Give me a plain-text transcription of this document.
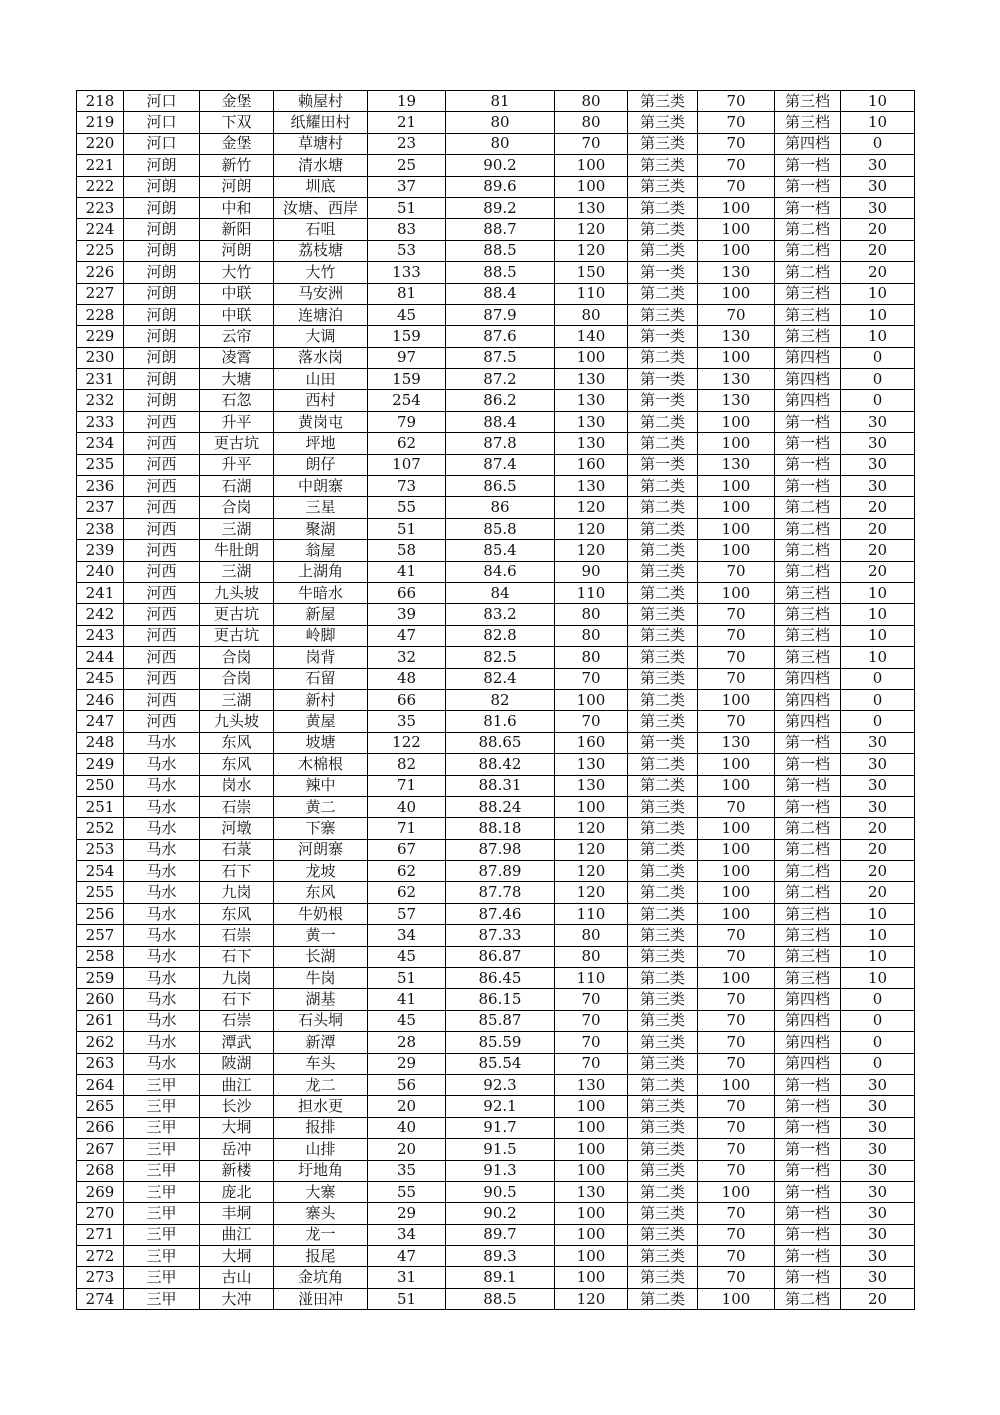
218	河口	金堡	赖屋村	19	81	80	第三类	70	第三档	10
219	河口	下双	纸耀田村	21	80	80	第三类	70	第三档	10
220	河口	金堡	草塘村	23	80	70	第三类	70	第四档	0
221	河朗	新竹	清水塘	25	90.2	100	第三类	70	第一档	30
222	河朗	河朗	圳底	37	89.6	100	第三类	70	第一档	30
223	河朗	中和	汝塘、西岸	51	89.2	130	第二类	100	第一档	30
224	河朗	新阳	石咀	83	88.7	120	第二类	100	第二档	20
225	河朗	河朗	荔枝塘	53	88.5	120	第二类	100	第二档	20
226	河朗	大竹	大竹	133	88.5	150	第一类	130	第二档	20
227	河朗	中联	马安洲	81	88.4	110	第二类	100	第三档	10
228	河朗	中联	连塘泊	45	87.9	80	第三类	70	第三档	10
229	河朗	云帘	大调	159	87.6	140	第一类	130	第三档	10
230	河朗	凌霄	落水岗	97	87.5	100	第二类	100	第四档	0
231	河朗	大塘	山田	159	87.2	130	第一类	130	第四档	0
232	河朗	石忽	西村	254	86.2	130	第一类	130	第四档	0
233	河西	升平	黄岗屯	79	88.4	130	第二类	100	第一档	30
234	河西	更古坑	坪地	62	87.8	130	第二类	100	第一档	30
235	河西	升平	朗仔	107	87.4	160	第一类	130	第一档	30
236	河西	石湖	中朗寨	73	86.5	130	第二类	100	第一档	30
237	河西	合岗	三星	55	86	120	第二类	100	第二档	20
238	河西	三湖	聚湖	51	85.8	120	第二类	100	第二档	20
239	河西	牛肚朗	翁屋	58	85.4	120	第二类	100	第二档	20
240	河西	三湖	上湖角	41	84.6	90	第三类	70	第二档	20
241	河西	九头坡	牛暗水	66	84	110	第二类	100	第三档	10
242	河西	更古坑	新屋	39	83.2	80	第三类	70	第三档	10
243	河西	更古坑	岭脚	47	82.8	80	第三类	70	第三档	10
244	河西	合岗	岗背	32	82.5	80	第三类	70	第三档	10
245	河西	合岗	石留	48	82.4	70	第三类	70	第四档	0
246	河西	三湖	新村	66	82	100	第二类	100	第四档	0
247	河西	九头坡	黄屋	35	81.6	70	第三类	70	第四档	0
248	马水	东风	坡塘	122	88.65	160	第一类	130	第一档	30
249	马水	东风	木棉根	82	88.42	130	第二类	100	第一档	30
250	马水	岗水	辣中	71	88.31	130	第二类	100	第一档	30
251	马水	石崇	黄二	40	88.24	100	第三类	70	第一档	30
252	马水	河墩	下寨	71	88.18	120	第二类	100	第二档	20
253	马水	石菉	河朗寨	67	87.98	120	第二类	100	第二档	20
254	马水	石下	龙坡	62	87.89	120	第二类	100	第二档	20
255	马水	九岗	东风	62	87.78	120	第二类	100	第二档	20
256	马水	东风	牛奶根	57	87.46	110	第二类	100	第三档	10
257	马水	石崇	黄一	34	87.33	80	第三类	70	第三档	10
258	马水	石下	长湖	45	86.87	80	第三类	70	第三档	10
259	马水	九岗	牛岗	51	86.45	110	第二类	100	第三档	10
260	马水	石下	湖基	41	86.15	70	第三类	70	第四档	0
261	马水	石崇	石头垌	45	85.87	70	第三类	70	第四档	0
262	马水	潭武	新潭	28	85.59	70	第三类	70	第四档	0
263	马水	陂湖	车头	29	85.54	70	第三类	70	第四档	0
264	三甲	曲江	龙二	56	92.3	130	第二类	100	第一档	30
265	三甲	长沙	担水更	20	92.1	100	第三类	70	第一档	30
266	三甲	大垌	报排	40	91.7	100	第三类	70	第一档	30
267	三甲	岳冲	山排	20	91.5	100	第三类	70	第一档	30
268	三甲	新楼	圩地角	35	91.3	100	第三类	70	第一档	30
269	三甲	庞北	大寨	55	90.5	130	第二类	100	第一档	30
270	三甲	丰垌	寨头	29	90.2	100	第三类	70	第一档	30
271	三甲	曲江	龙一	34	89.7	100	第三类	70	第一档	30
272	三甲	大垌	报尾	47	89.3	100	第三类	70	第一档	30
273	三甲	古山	金坑角	31	89.1	100	第三类	70	第一档	30
274	三甲	大冲	湴田冲	51	88.5	120	第二类	100	第二档	20
